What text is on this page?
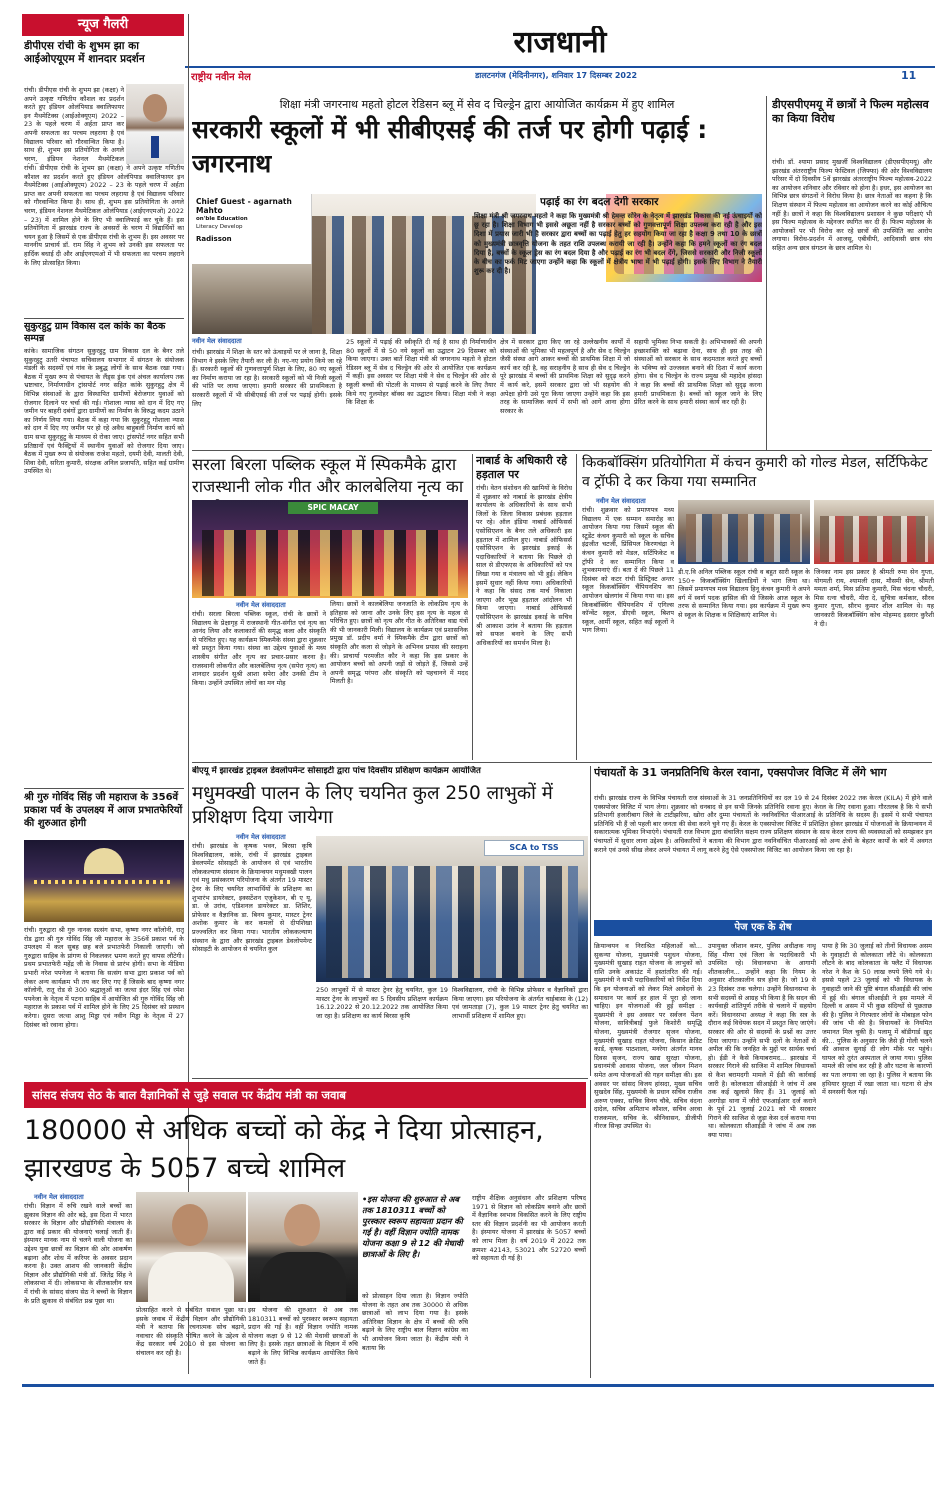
राजधानी
राष्ट्रीय नवीन मेल	डालटनगंज (मेदिनीनगर), शनिवार 17 दिसम्बर 2022	11
न्यूज गैलरी
डीपीएस रांची के शुभम झा का आईओएयूएम में शानदार प्रदर्शन
रांची। डीपीएस रांची के शुभम झा (कक्षा) ने अपने उत्कृष्ट गणितीय कौशल का प्रदर्शन करते हुए इंडियन ओलंपियाड क्वालिफायर इन मैथमेटिक्स (आईओक्यूएम) 2022 – 23 के पहले चरण में अर्हता प्राप्त कर अपनी सफलता का परचम लहराया है एवं विद्यालय परिवार को गौरवान्वित किया है। साथ ही, शुभम इस प्रतियोगिता के अगले चरण, इंडियन नेशनल मैथमेटिकल
रांची। डीपीएस रांची के शुभम झा (कक्षा) ने अपने उत्कृष्ट गणितीय कौशल का प्रदर्शन करते हुए इंडियन ओलंपियाड क्वालिफायर इन मैथमेटिक्स (आईओक्यूएम) 2022 – 23 के पहले चरण में अर्हता प्राप्त कर अपनी सफलता का परचम लहराया है एवं विद्यालय परिवार को गौरवान्वित किया है। साथ ही, शुभम इस प्रतियोगिता के अगले चरण, इंडियन नेशनल मैथमेटिकल ओलंपियाड (आईएनएमओ) 2022 – 23) में शामिल होने के लिए भी क्वालिफाई कर चुके हैं। इस प्रतियोगिता में झारखंड राज्य के अवसरों के चरण में विद्यार्थियों का चयन हुआ है जिसमें से एक डीपीएस रांची के शुभम हैं। इस अवसर पर माननीय प्राचार्य डॉ. राम सिंह ने शुभम को उनकी इस सफलता पर हार्दिक बधाई दी और आईएनएमओ में भी सफलता का परचम लहराने के लिए प्रोत्साहित किया।
सुकुरहुटु ग्राम विकास दल कांके का बैठक सम्पन्न
कांके। सामाजिक संगठन सुकुरहुटु ग्राम विकास दल के बैनर तले सुकुरहुटु उतरी पंचायत सचिवालय सभागार में संगठन के संयोजक मंडली के सदस्यों एवं गांव के प्रबुद्ध लोगों के साथ बैठक रखा गया। बैठक में मुख्य रूप से पंचायत के लैंड्स ड्रंक एवं अंचल कार्यालय तक भ्रष्टाचार, निर्माणाधीन ट्रांसपोर्ट नगर सहित कांके सुकुरहुटु क्षेत्र में विभिन्न संस्थाओं के द्वारा विस्थापित ग्रामीणों बेरोजगार युवाओं को रोजगार दिलाने पर चर्चा की गई। गोशाला न्यास को दान में दिए गए जमीन पर बाहरी दबंगों द्वारा ग्रामीणों का निर्माण के विरुद्ध कदम उठाने का निर्णय लिया गया। बैठक में कहा गया कि सुकुरहुटु गोशाला न्यास को दान में दिए गए जमीन पर हो रहे अवैध बाहुबली निर्माण कार्य को ग्राम सभा सुकुरहुटु के माध्यम से रोका जाए। ट्रांसपोर्ट नगर सहित सभी प्रतिष्ठानों एवं फैक्ट्रियों में स्थानीय युवाओं को रोजगार दिया जाए। बैठक में मुख्य रूप से संयोजक राजेश महतो, दयमी देवी, मालती देवी, शिवा देवी, सरिता कुमारी, संरक्षक अनिल प्रजापति, सहित कई ग्रामीण उपस्थित थे।
श्री गुरु गोविंद सिंह जी महाराज के 356वें प्रकाश पर्व के उपलक्ष्य में आज प्रभातफेरियों की शुरुआत होगी
रांची। गुरुद्वारा श्री गुरु नानक सत्संग सभा, कृष्णा नगर कॉलोनी, रातू रोड द्वारा श्री गुरु गोविंद सिंह जी महाराज के 356वें प्रकाश पर्व के उपलक्ष्य में कल सुबह छह बजे प्रभातफेरी निकाली जाएगी। जो गुरुद्वारा साहिब के प्रांगण से निकलकर भ्रमण करते हुए वापस लौटेगी। प्रथम प्रभातफेरी महेंद्र जी के निवास से प्रारंभ होगी। सभा के मीडिया प्रभारी नरेश पपनेजा ने बताया कि सत्संग सभा द्वारा प्रकाश पर्व को लेकर अन्य कार्यक्रम भी तय कर लिए गए हैं जिसके बाद कृष्णा नगर कॉलोनी, रातू रोड से 300 श्रद्धालुओं का जत्था इंदर सिंह एवं रमेश पपनेजा के नेतृत्व में पटना साहिब में आयोजित श्री गुरु गोविंद सिंह जी महाराज के प्रकाश पर्व में शामिल होने के लिए 25 दिसंबर को प्रस्थान करेगा। दूसरा जत्था आशु मिड्ढा एवं नवीन मिड्ढा के नेतृत्व में 27 दिसंबर को रवाना होगा।
शिक्षा मंत्री जगरनाथ महतो होटल रेडिसन ब्लू में सेव द चिल्ड्रेन द्वारा आयोजित कार्यक्रम में हुए शामिल
सरकारी स्कूलों में भी सीबीएसई की तर्ज पर होगी पढ़ाई : जगरनाथ
Chief Guest - agarnath Mahto
on'ble Education
Literacy Develop
Radisson
पढ़ाई का रंग बदल देगी सरकार
शिक्षा मंत्री श्री जगरनाथ महतो ने कहा कि मुख्यमंत्री श्री हेमन्त सोरेन के नेतृत्व में झारखंड विकास की नई ऊंचाइयों को छू रहा है। शिक्षा विभाग भी इससे अछूता नहीं है सरकार बच्चों को गुणवत्तापूर्ण शिक्षा उपलब्ध करा रही है और इस दिशा में प्रयास जारी भी है सरकार द्वारा बच्चों का पढ़ाई हेतु हर सहयोग किया जा रहा है कक्षा 9 तथा 10 के छात्रों को मुख्यमंत्री छात्रवृत्ति योजना के तहत राशि उपलब्ध करायी जा रही है। उन्होंने कहा कि हमने स्कूलों का रंग बदल दिया है, बच्चों के स्कूल ड्रेस का रंग बदल दिया है और पढ़ाई का रंग भी बदल देंगे, जिससे सरकारी और निजी स्कूलों के बीच का फर्क मिट जाएगा उन्होंने कहा कि स्कूलों में क्षेत्रीय भाषा में भी पढ़ाई होगी। इसके लिए विभाग ने तैयारी शुरू कर दी है।
नवीन मेल संवाददाता
रांची। झारखंड में शिक्षा के स्तर को ऊंचाइयों पर ले जाना है, शिक्षा विभाग ने इसके लिए तैयारी कर ली है। नए-नए प्रयोग किये जा रहे हैं। सरकारी स्कूलों की गुणवत्तापूर्ण शिक्षा के लिए, 80 नए स्कूलों का निर्माण कराया जा रहा है। सरकारी स्कूलों को भी निजी स्कूलों की भांति पर लाया जाएगा। हमारी सरकार की प्राथमिकता है सरकारी स्कूलों में भी सीबीएसई की तर्ज पर पढ़ाई होगी। इसके लिए
25 स्कूलों में पढ़ाई की स्वीकृति दी गई है साथ ही निर्माणाधीन 80 स्कूलों में से 50 नये स्कूलों का उद्घाटन 29 दिसम्बर को किया जाएगा। उक्त बातें शिक्षा मंत्री श्री जगरनाथ महतो ने होटल रेडिसन ब्लू में सेव द चिल्ड्रेन की ओर से आयोजित एक कार्यक्रम में कहीं। इस अवसर पर शिक्षा मंत्री ने सेव द चिल्ड्रेन की ओर से स्कूली बच्चों की पोटली के माध्यम से पढ़ाई करने के लिए तैयार किये गए गुलमोहर बॉक्स का उद्घाटन किया। शिक्षा मंत्री ने कहा कि शिक्षा के
क्षेत्र में सरकार द्वारा किए जा रहे उल्लेखनीय कार्यों में संस्थाओं की भूमिका भी महत्वपूर्ण है और सेव द चिल्ड्रेन जैसी संस्था आगे आकर बच्चों की प्राथमिक शिक्षा में जो कार्य कर रही है, वह सराहनीय है साथ ही सेव द चिल्ड्रेन पूरे झारखंड में बच्चों की प्राथमिक शिक्षा को सुदृढ़ करने में कार्य करे, इसमें सरकार द्वारा जो भी सहयोग की अपेक्षा होगी उसे पूरा किया जाएगा उन्होंने कहा कि इस तरह के सामाजिक कार्य में सभी को आगे आना होगा सरकार के
सहायी भूमिका निभा सकती है। अभिभावकों की अपनी इच्छाशक्ति को बढ़ावा देना, साथ ही इस तरह की संस्थाओं को सरकार के साथ कदमताल करते हुए बच्चों के भविष्य को उज्जवल बनाने की दिशा में कार्य करना होगा। सेव द चिल्ड्रेन के राज्य प्रमुख श्री महादेव हांसदा ने कहा कि बच्चों की प्राथमिक शिक्षा को सुदृढ़ करना हमारी प्राथमिकता है। बच्चों को स्कूल जाने के लिए प्रेरित करने के साथ हमारी संस्था कार्य कर रही है।
डीएसपीएमयू में छात्रों ने फिल्म महोत्सव का किया विरोध
रांची। डॉ. श्यामा प्रसाद मुखर्जी विश्वविद्यालय (डीएसपीएमयू) और झारखंड अंतरराष्ट्रीय फिल्म फेस्टिवल (जिफ्फा) की ओर विश्वविद्यालय परिसर में दो दिवसीय 5वें झारखंड अंतरराष्ट्रीय फिल्म महोत्सव-2022 का आयोजन शनिवार और रविवार को होना है। इधर, इस आयोजन का विभिन्न छात्र संगठनों ने विरोध किया है। छात्र नेताओं का कहना है कि शिक्षण संस्थान में फिल्म महोत्सव का आयोजन करने का कोई औचित्य नहीं है। छात्रों ने कहा कि विश्वविद्यालय प्रशासन ने कुछ परीक्षाएं भी इस फिल्म महोत्सव के मद्देनजर स्थगित कर दी हैं। फिल्म महोत्सव के आयोजकों पर भी विरोध कर रहे छात्रों की उपस्थिति का आरोप लगाया। विरोध-प्रदर्शन में आजसू, एबीवीपी, आदिवासी छात्र संघ सहित अन्य छात्र संगठन के छात्र शामिल थे।
सरला बिरला पब्लिक स्कूल में स्पिकमैके द्वारा राजस्थानी लोक गीत और कालबेलिया नृत्य का
SPIC MACAY
नवीन मेल संवाददाता
रांची। सरला बिरला पब्लिक स्कूल, रांची के छात्रों ने विद्यालय के प्रेक्षागृह में राजस्थानी गीत-संगीत एवं नृत्य का आनंद लिया और कलाकारों की समृद्ध कला और संस्कृति से परिचित हुए। यह कार्यक्रम स्पिकमैके संस्था द्वारा शुक्रवार को प्रस्तुत किया गया। संस्था का उद्देश्य युवाओं के मध्य शास्त्रीय संगीत और नृत्य का प्रचार-प्रसार करना है। राजस्थानी लोकगीत और कालबेलिया नृत्य (सपेरा नृत्य) का शानदार प्रदर्शन सुश्री आशा सपेरा और उनकी टीम ने किया। उन्होंने उपस्थित लोगों का मन मोह
लिया। छात्रों ने कालबेलिया जनजाति के लोकप्रिय नृत्य के इतिहास को जाना और उनके लिए इस नृत्य के महत्व से परिचित हुए। छात्रों को नृत्य और गीत के अतिरिक्त वाद्य यंत्रों की भी जानकारी मिली। विद्यालय के कार्यक्रम एवं प्रशासनिक प्रमुख डॉ. प्रदीप वर्मा ने स्पिकमैके टीम द्वारा छात्रों को संस्कृति और कला से जोड़ने के अभिनव प्रयास की सराहना की। प्राचार्या परमजीत कौर ने कहा कि इस प्रकार के आयोजन बच्चों को अपनी जड़ों से जोड़ते हैं, जिससे उन्हें अपनी समृद्ध परंपरा और संस्कृति को पहचानने में मदद मिलती है।
नाबार्ड के अधिकारी रहे हड़ताल पर
रांची। वेतन संशोधन की खामियों के विरोध में शुक्रवार को नाबार्ड के झारखंड क्षेत्रीय कार्यालय के अधिकारियों के साथ सभी जिलों के जिला विकास प्रबंधक हड़ताल पर रहे। ऑल इंडिया नाबार्ड ऑफिसर्स एसोसिएशन के बैनर तले अधिकारी इस हड़ताल में शामिल हुए। नाबार्ड ऑफिसर्स एसोसिएशन के झारखंड इकाई के पदाधिकारियों ने बताया कि पिछले दो साल से डीएफएस के अधिकारियों को पत्र लिखा गया व मंत्रालय को भी हुई। लेकिन इसमें सुधार नहीं किया गया। अधिकारियों ने कहा कि संसद तक मार्च निकाला जाएगा और भूख हड़ताल आंदोलन भी किया जाएगा। नाबार्ड ऑफिसर्स एसोसिएशन के झारखंड इकाई के सचिव श्री आकाश उरांव ने बताया कि हड़ताल को सफल बनाने के लिए सभी अधिकारियों का समर्थन मिला है।
किकबॉक्सिंग प्रतियोगिता में कंचन कुमारी को गोल्ड मेडल, सर्टिफिकेट व ट्रॉफी दे कर किया गया सम्मानित
नवीन मेल संवाददाता
रांची। शुक्रवार को प्रमाणपत्र मध्य विद्यालय में एक सम्मान समारोह का आयोजन किया गया जिसमें स्कूल की स्टूडेंट कंचन कुमारी को स्कूल के सचिव इंद्रजीत चटर्जी, प्रिंसिपल किरणचंद्रा ने कंचन कुमारी को मेडल, सर्टिफिकेट व ट्रॉफी दे कर सम्मानित किया व शुभकामनाएं दीं। बता दें की पिछले 11 दिसंबर को कटर रांची डिस्ट्रिक्ट अन्तर स्कूल किकबॉक्सिंग चैंपियनशिप का आयोजन खेलगांव में किया गया था। इस किकबॉक्सिंग चैंपियनशिप में एगिल्स कॉन्वेंट स्कूल, डीएवी स्कूल, बिशप स्कूल, आर्मी स्कूल, सहित कई स्कूलों ने भाग लिया।
डी.ए.वि अनिल पब्लिक स्कूल रांची व बहुत सारी स्कूल के 150+ किकबॉक्सिंग खिलाड़ियों ने भाग लिया था। जिसमें प्रमाणपत्र मध्य विद्यालय हिनू कंचन कुमारी ने अपने वर्ग में स्वर्ण पदक हासिल की थी जिसके आज स्कूल के तरफ से सम्मानित किया गया। इस कार्यक्रम में मुख्य रूप से स्कूल के शिक्षक व शिक्षिकाएं शामिल थे।
जिनका नाम इस प्रकार है श्रीमती रुमा सेन गुप्ता, योगमती राय, श्यामली दास, मौसमी सेन, श्रीमती ममता शर्मा, मिस प्रतिमा कुमारी, मिस चंदना चौधरी, मिस रत्ना चौधरी, मीरा दे, सुचित्रा कर्मकार, सौरव कुमार गुप्ता, सौरभ कुमार शील शामिल थे। यह जानकारी किकबॉक्सिंग कोच मोहम्मद इसरार कुरैशी ने दी।
बीएयू में झारखंड ट्राइबल डेवलोपमेन्ट सोसाइटी द्वारा पांच दिवसीय प्रशिक्षण कार्यक्रम आयोजित
मधुमक्खी पालन के लिए चयनित कुल 250 लाभुकों में प्रशिक्षण दिया जायेगा
नवीन मेल संवाददाता
रांची। झारखंड के कृषक भवन, बिरसा कृषि विश्वविद्यालय, कांके, रांची में झारखंड ट्राइबल डेवलपमेंट सोसाइटी के आयोजन से एवं भारतीय लोककल्याण संस्थान के क्रियान्वयन मधुमक्खी पालन एवं मधु प्रसंस्करण परियोजना के अंतर्गत 19 मास्टर ट्रेनर के लिए चयनित लाभार्थियों के प्रशिक्षण का शुभारंभ डायरेक्टर, इक्सटेंशन एजुकेशन, बी ए यू, डा. जे उरांव, एडिशनल डायरेक्टर डा. शिशिर, प्रोफेसर व वैज्ञानिक डा. बिनय कुमार, मास्टर ट्रेनर अशोक कुमार के कर कमलों से दीपशिखा प्रज्ज्वलित कर किया गया। भारतीय लोककल्याण संस्थान के द्वारा और झारखंड ट्राइबल डेवलोपमेन्ट सोसाइटी के आयोजन से चयनित कुल
SCA to TSS
250 लाभुकों में से मास्टर ट्रेनर हेतु चयनित, कुल 19 मास्टर ट्रेनर के लाभुकों का 5 दिवसीय प्रशिक्षण कार्यक्रम 16.12.2022 से 20.12.2022 तक आयोजित किया जा रहा है। प्रशिक्षण का कार्य बिरसा कृषि
विश्वविद्यालय, रांची के विभिन्न प्रोफेसर व वैज्ञानिकों द्वारा किया जाएगा। इस परियोजना के अंतर्गत चाईबासा के (12) एवं जामताड़ा (7), कुल 19 मास्टर ट्रेनर हेतु चयनित का लाभार्थी प्रशिक्षण में शामिल हुए।
पंचायतों के 31 जनप्रतिनिधि केरल रवाना, एक्सपोजर विजिट में लेंगे भाग
रांची। झारखंड राज्य के विभिन्न पंचायती राज संस्थाओं के 31 जनप्रतिनिधियों का दल 19 से 24 दिसंबर 2022 तक केरल (KILA) में होने वाले एक्सपोजर विजिट में भाग लेगा। शुक्रवार को धनबाद से इन सभी जिनके प्रतिनिधि रवाना हुए। केरल के लिए रवाना हुआ। गौरतलब है कि ये सभी प्रतिभागी हजारीबाग जिले के टाटीझरिया, खोरा और दुम्मा पंचायतों के नवनिर्वाचित पीआरआई के प्रतिनिधि के सदस्य हैं। इसमें ये सभी पंचायत प्रतिनिधि भी हैं जो पहली बार जनता की सेवा करने चुने गए हैं। केरल के एक्सपोजर विजिट में प्रशिक्षित होकर झारखंड में योजनाओं के क्रियान्वयन में सकारात्मक भूमिका निभाएंगे। पंचायती राज विभाग द्वारा संचालित सक्षम राज्य प्रशिक्षण संस्थान के साथ केरल राज्य की व्यवस्थाओं को समझकर इन पंचायतों में सुधार लाना उद्देश्य है। अधिकारियों ने बताया की विभाग द्वारा नवनिर्वाचित पीआरआई को अन्य क्षेत्रों के बेहतर कार्यों के बारे में अवगत कराने एवं उनसे सीख लेकर अपने पंचायत में लागू करने हेतु ऐसे एक्सपोजर विजिट का आयोजन किया जा रहा है।
पेज एक के शेष
क्रियान्वयन व निराश्रित महिलाओं को... सुकन्या योजना, मुख्यमंत्री पशुधन योजना, मुख्यमंत्री सुखाड़ राहत योजना के लाभुकों को राशि उनके अकाउंट में हस्तांतरित की गई। मुख्यमंत्री ने सभी पदाधिकारियों को निर्देश दिया कि इन योजनाओं को लेकर मिले आवेदनों के समाधान पर कार्य हर हाल में पूरा हो जाना चाहिए। इन योजनाओं की हुई समीक्षा : मुख्यमंत्री ने इस अवसर पर सर्वजन पेंशन योजना, सावित्रीबाई फुले किशोरी समृद्धि योजना, मुख्यमंत्री रोजगार सृजन योजना, मुख्यमंत्री सुखाड़ राहत योजना, किसान क्रेडिट कार्ड, कृषक पाठशाला, मनरेगा अंतर्गत मानव दिवस सृजन, राज्य खाद्य सुरक्षा योजना, प्रधानमंत्री आवास योजना, जल जीवन मिशन समेत अन्य योजनाओं की गहन समीक्षा की। इस अवसर पर सांसद विजय हांसदा, मुख्य सचिव सुखदेव सिंह, मुख्यमंत्री के प्रधान सचिव राजीव अरुण एक्का, सचिव विनय चौबे, सचिव वंदना दादेल, सचिव अमिताभ कौशल, सचिव अरवा राजकमल, सचिव के. श्रीनिवासन, डीजीपी नीरज सिन्हा उपस्थित थे।
उपायुक्त जीशान कमर, पुलिस अधीक्षक नाथू सिंह मीणा एवं जिला के पदाधिकारी भी उपस्थित रहे। विधानसभा के आगामी शीतकालीन... उन्होंने कहा कि नियम के अनुसार शीतकालीन सत्र होना है। जो 19 से 23 दिसंबर तक चलेगा। उन्होंने विधानसभा के सभी सदस्यों से आग्रह भी किया है कि सदन की कार्यवाही शांतिपूर्ण तरीके से चलाने में सहयोग करें। विधानसभा अध्यक्ष ने कहा कि सत्र के दौरान कई विधेयक सदन में प्रस्तुत किए जाएंगे। सरकार की ओर से सदस्यों के प्रश्नों का उत्तर दिया जाएगा। उन्होंने सभी दलों के नेताओं से अपील की कि जनहित के मुद्दों पर सार्थक चर्चा हो। ईडी ने कैसे कियाबरामद... झारखंड में सरकार गिराने की साजिश में शामिल विधायकों से कैश बरामदगी मामले में ईडी की कार्रवाई जारी है। कोलकाता सीआईडी ने जांच में अब तक कई खुलासे किए हैं। 31 जुलाई को अरगोड़ा थाना में जीरो एफआईआर दर्ज कराने के पूर्व 21 जुलाई 2021 को भी सरकार गिराने की साजिश से जुड़ा केस दर्ज कराया गया था। कोलकाता सीआईडी ने जांच में अब तक क्या पाया।
पाया है कि 30 जुलाई को तीनों विधायक असम के गुवाहाटी से कोलकाता लौटे थे। कोलकाता लौटने के बाद कोलकाता के फ्लैट में विधायक नरेश ने कैश के 50 लाख रुपये लिये गये थे। इससे पहले 23 जुलाई को भी विधायक के गुवाहाटी जाने की पुष्टि बंगाल सीआईडी की जांच में हुई थी। बंगाल सीआईडी ने इस मामले में दिल्ली व असम में भी कुछ संदिग्धों से पूछताछ की है। पुलिस ने गिरफ्तार लोगों के मोबाइल फोन की जांच भी की है। विधायकों के नियमित जमानत मिल चुकी है। पलामू में बॉडीगार्ड ख़ुद की... पुलिस के अनुसार कि जैसे ही गोली चलने की आवाज सुनाई दी लोग मौके पर पहुंचे। घायल को तुरंत अस्पताल ले जाया गया। पुलिस मामले की जांच कर रही है और घटना के कारणों का पता लगाया जा रहा है। पुलिस ने बताया कि हथियार सुरक्षा में रखा जाता था। घटना से क्षेत्र में सनसनी फैल गई।
सांसद संजय सेठ के बाल वैज्ञानिकों से जुड़े सवाल पर केंद्रीय मंत्री का जवाब
180000 से अधिक बच्चों को केंद्र ने दिया प्रोत्साहन, झारखण्ड के 5057 बच्चे शामिल
नवीन मेल संवाददाता
रांची। विज्ञान में रुचि रखने वाले बच्चों का झुकाव विज्ञान की ओर बढ़े, इस दिशा में भारत सरकार के विज्ञान और प्रौद्योगिकी मंत्रालय के द्वारा कई प्रकार की योजनाएं चलाई जाती हैं। इंस्पायर मानक नाम से चलने वाली योजना का उद्देश्य युवा छात्रों का विज्ञान की ओर आकर्षण बढ़ाना और शोध में करियर के अवसर प्रदान करना है। उक्त आशय की जानकारी केंद्रीय विज्ञान और प्रौद्योगिकी मंत्री डॉ. जितेंद्र सिंह ने लोकसभा में दी। लोकसभा के शीतकालीन सत्र में रांची के सांसद संजय सेठ ने बच्चों के विज्ञान के प्रति झुकाव से संबंधित प्रश्न पूछा था।
प्रोत्साहित करने से संबंधित सवाल पूछा था। इसके जवाब में केंद्रीय विज्ञान और प्रौद्योगिकी मंत्री ने बताया कि रचनात्मक सोच बढ़ाने, नवाचार की संस्कृति पोषित करने के उद्देश्य से केंद्र सरकार वर्ष 2010 से इस योजना का संचालन कर रही है।
इस योजना की शुरुआत से अब तक 1810311 बच्चों को पुरस्कार स्वरूप सहायता प्रदान की गई है। वहीं विज्ञान ज्योति नामक योजना कक्षा 9 से 12 की मेधावी छात्राओं के लिए है। इसके तहत छात्राओं के विज्ञान में रुचि बढ़ाने के लिए विभिन्न कार्यक्रम आयोजित किये जाते हैं।
•इस योजना की शुरुआत से अब तक 1810311 बच्चों को पुरस्कार स्वरूप सहायता प्रदान की गई है। वहीं विज्ञान ज्योति नामक योजना कक्षा 9 से 12 की मेधावी छात्राओं के लिए है।
को प्रोत्साहन दिया जाता है। विज्ञान ज्योति योजना के तहत अब तक 30000 से अधिक छात्राओं को लाभ दिया गया है। इसके अतिरिक्त विज्ञान के क्षेत्र में बच्चों की रुचि बढ़ाने के लिए राष्ट्रीय बाल विज्ञान कांग्रेस का भी आयोजन किया जाता है। केंद्रीय मंत्री ने बताया कि
राष्ट्रीय शैक्षिक अनुसंधान और प्रशिक्षण परिषद 1971 से विज्ञान को लोकप्रिय बनाने और छात्रों में वैज्ञानिक स्वभाव विकसित करने के लिए राष्ट्रीय स्तर की विज्ञान प्रदर्शनी का भी आयोजन करती है। इंस्पायर योजना में झारखंड के 5057 बच्चों को लाभ मिला है। वर्ष 2019 में 2022 तक क्रमशः 42143, 53021 और 52720 बच्चों को सहायता दी गई है।
